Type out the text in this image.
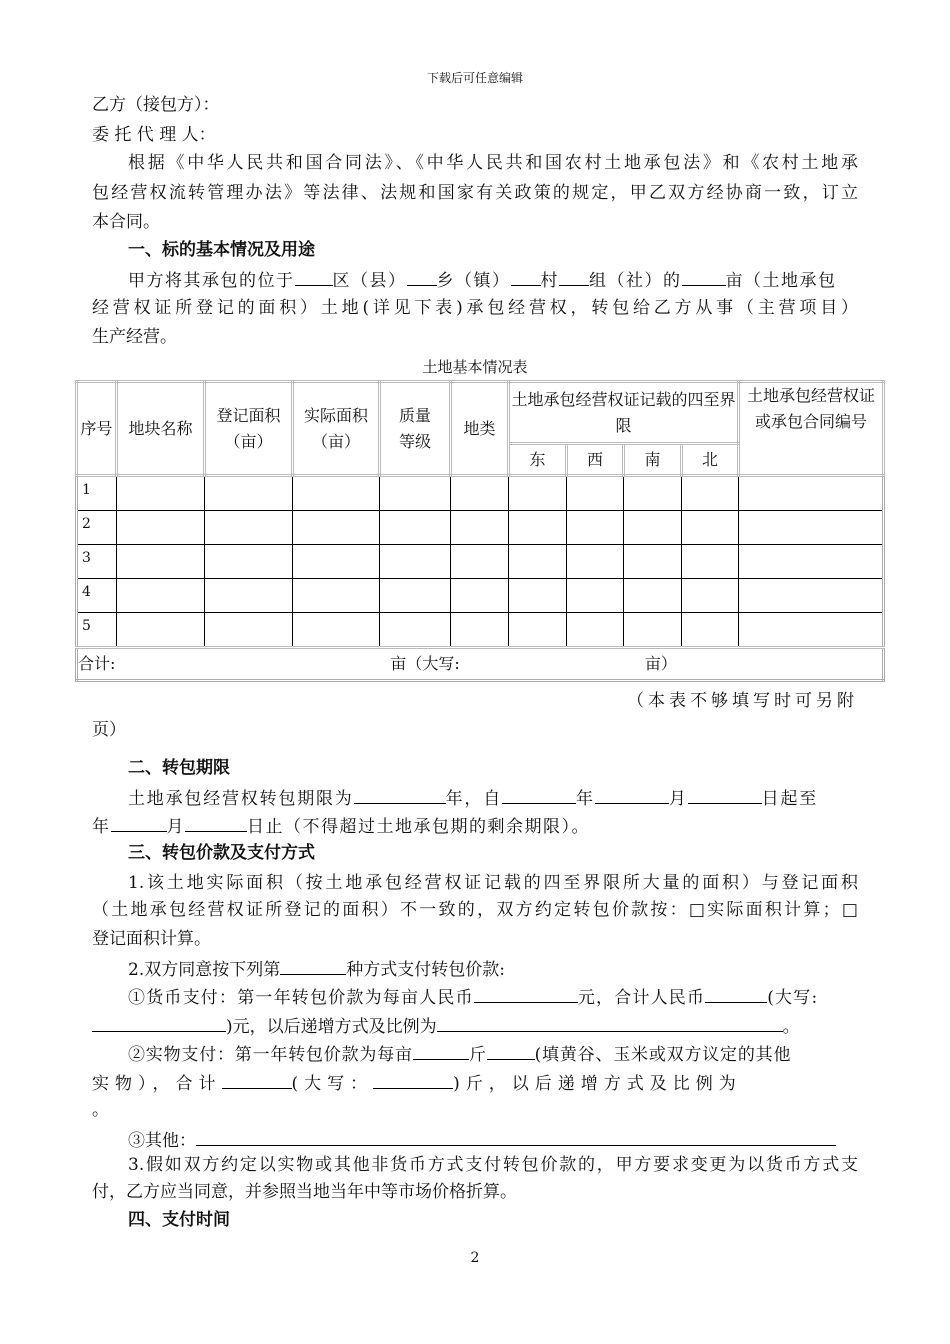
下载后可任意编辑
乙方（接包方）：
委 托 代 理 人：
根据《中华人民共和国合同法》、《中华人民共和国农村土地承包法》和《农村土地承
包经营权流转管理办法》等法律、法规和国家有关政策的规定，甲乙双方经协商一致，订立
本合同。
一、标的基本情况及用途
甲方将其承包的位于 区（县） 乡（镇） 村 组（社）的	亩（土地承包
经营权证所登记的面积）土地(详见下表)承包经营权，转包给乙方从事（主营项目）
生产经营。
土地基本情况表
序号	地块名称	登记面积（亩）	实际面积（亩）	质量等级	地类	土地承包经营权证记载的四至界限				土地承包经营权证或承包合同编号
						东	西	南	北	
1										
2										
3										
4										
5										
合计: 亩（大写: 亩）										
（本表不够填写时可另附
页）
二、转包期限
土地承包经营权转包期限为	年，自	年	月	日起至
年	月	日止（不得超过土地承包期的剩余期限）。
三、转包价款及支付方式
1.该土地实际面积（按土地承包经营权证记载的四至界限所大量的面积）与登记面积
（土地承包经营权证所登记的面积）不一致的，双方约定转包价款按：□实际面积计算；□
登记面积计算。
2.双方同意按下列第	种方式支付转包价款:
①货币支付：第一年转包价款为每亩人民币	元，合计人民币	(大写:
)元，以后递增方式及比例为	。
②实物支付：第一年转包价款为每亩	斤	(填黄谷、玉米或双方议定的其他
实物），合计	(大写：	)斤，以后递增方式及比例为
。
③其他：
3.假如双方约定以实物或其他非货币方式支付转包价款的，甲方要求变更为以货币方式支
付，乙方应当同意，并参照当地当年中等市场价格折算。
四、支付时间
2
